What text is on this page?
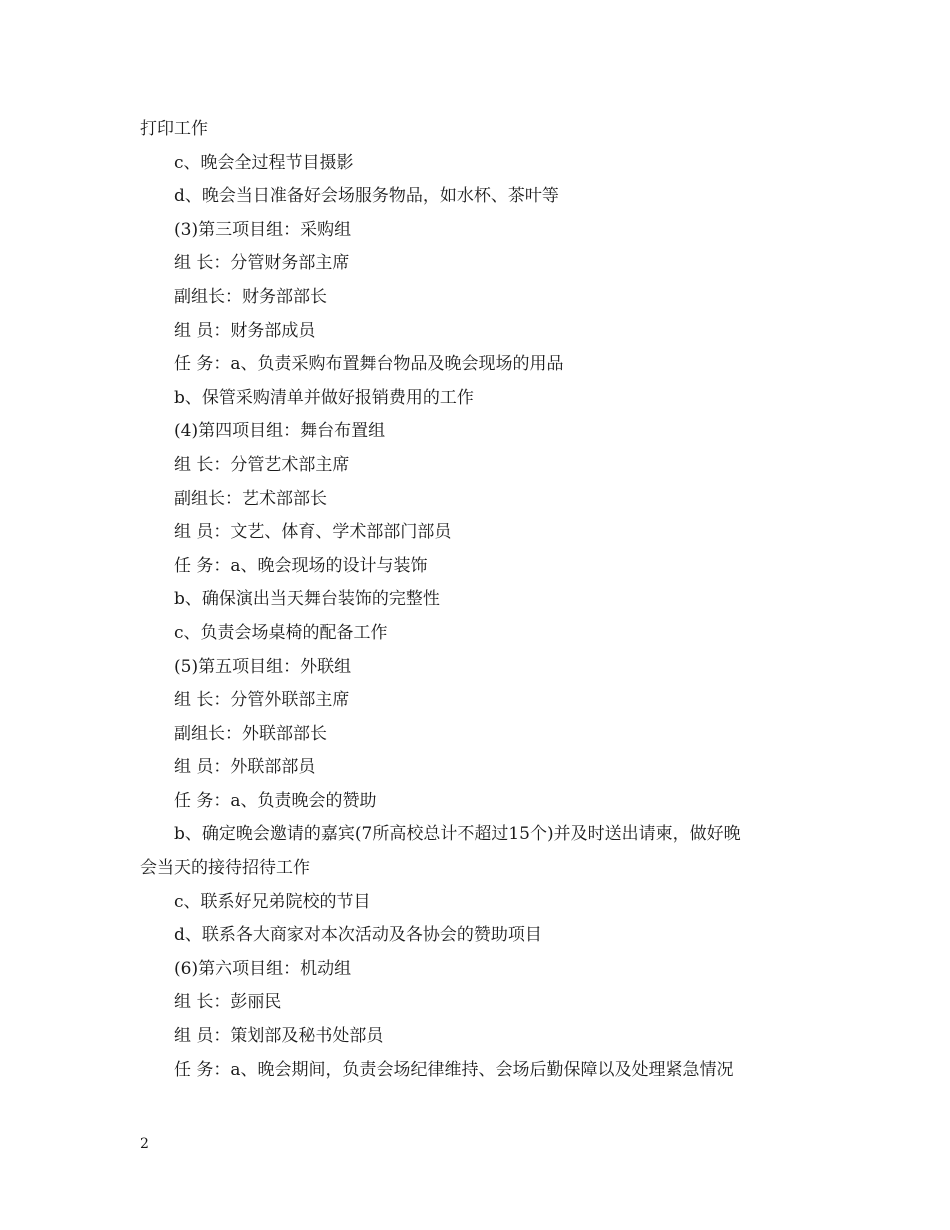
打印工作

c、晚会全过程节目摄影

d、晚会当日准备好会场服务物品，如水杯、茶叶等

(3)第三项目组：采购组

组 长：分管财务部主席

副组长：财务部部长

组 员：财务部成员

任 务：a、负责采购布置舞台物品及晚会现场的用品

b、保管采购清单并做好报销费用的工作

(4)第四项目组：舞台布置组

组 长：分管艺术部主席

副组长：艺术部部长

组 员：文艺、体育、学术部部门部员

任 务：a、晚会现场的设计与装饰

b、确保演出当天舞台装饰的完整性

c、负责会场桌椅的配备工作

(5)第五项目组：外联组

组 长：分管外联部主席

副组长：外联部部长

组 员：外联部部员

任 务：a、负责晚会的赞助

b、确定晚会邀请的嘉宾(7所高校总计不超过15个)并及时送出请柬，做好晚

会当天的接待招待工作

c、联系好兄弟院校的节目

d、联系各大商家对本次活动及各协会的赞助项目

(6)第六项目组：机动组

组 长：彭丽民

组 员：策划部及秘书处部员

任 务：a、晚会期间，负责会场纪律维持、会场后勤保障以及处理紧急情况

2
